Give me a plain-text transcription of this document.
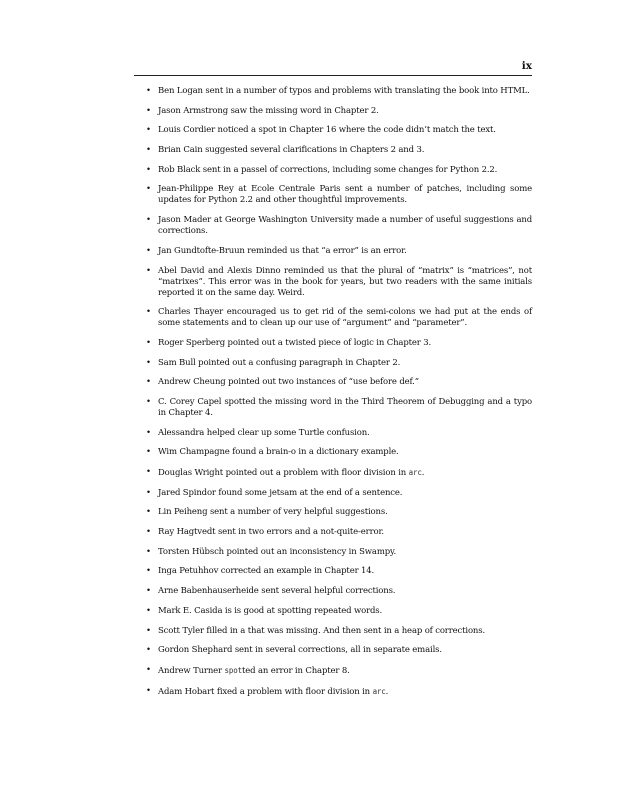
ix
• Ben Logan sent in a number of typos and problems with translating the book into HTML.
• Jason Armstrong saw the missing word in Chapter 2.
• Louis Cordier noticed a spot in Chapter 16 where the code didn’t match the text.
• Brian Cain suggested several clarifications in Chapters 2 and 3.
• Rob Black sent in a passel of corrections, including some changes for Python 2.2.
• Jean-Philippe Rey at Ecole Centrale Paris sent a number of patches, including some updates for Python 2.2 and other thoughtful improvements.
• Jason Mader at George Washington University made a number of useful suggestions and corrections.
• Jan Gundtofte-Bruun reminded us that “a error” is an error.
• Abel David and Alexis Dinno reminded us that the plural of “matrix” is “matrices”, not “matrixes”. This error was in the book for years, but two readers with the same initials reported it on the same day. Weird.
• Charles Thayer encouraged us to get rid of the semi-colons we had put at the ends of some statements and to clean up our use of “argument” and “parameter”.
• Roger Sperberg pointed out a twisted piece of logic in Chapter 3.
• Sam Bull pointed out a confusing paragraph in Chapter 2.
• Andrew Cheung pointed out two instances of “use before def.”
• C. Corey Capel spotted the missing word in the Third Theorem of Debugging and a typo in Chapter 4.
• Alessandra helped clear up some Turtle confusion.
• Wim Champagne found a brain-o in a dictionary example.
• Douglas Wright pointed out a problem with floor division in arc.
• Jared Spindor found some jetsam at the end of a sentence.
• Lin Peiheng sent a number of very helpful suggestions.
• Ray Hagtvedt sent in two errors and a not-quite-error.
• Torsten Hübsch pointed out an inconsistency in Swampy.
• Inga Petuhhov corrected an example in Chapter 14.
• Arne Babenhauserheide sent several helpful corrections.
• Mark E. Casida is is good at spotting repeated words.
• Scott Tyler filled in a that was missing. And then sent in a heap of corrections.
• Gordon Shephard sent in several corrections, all in separate emails.
• Andrew Turner spotted an error in Chapter 8.
• Adam Hobart fixed a problem with floor division in arc.
